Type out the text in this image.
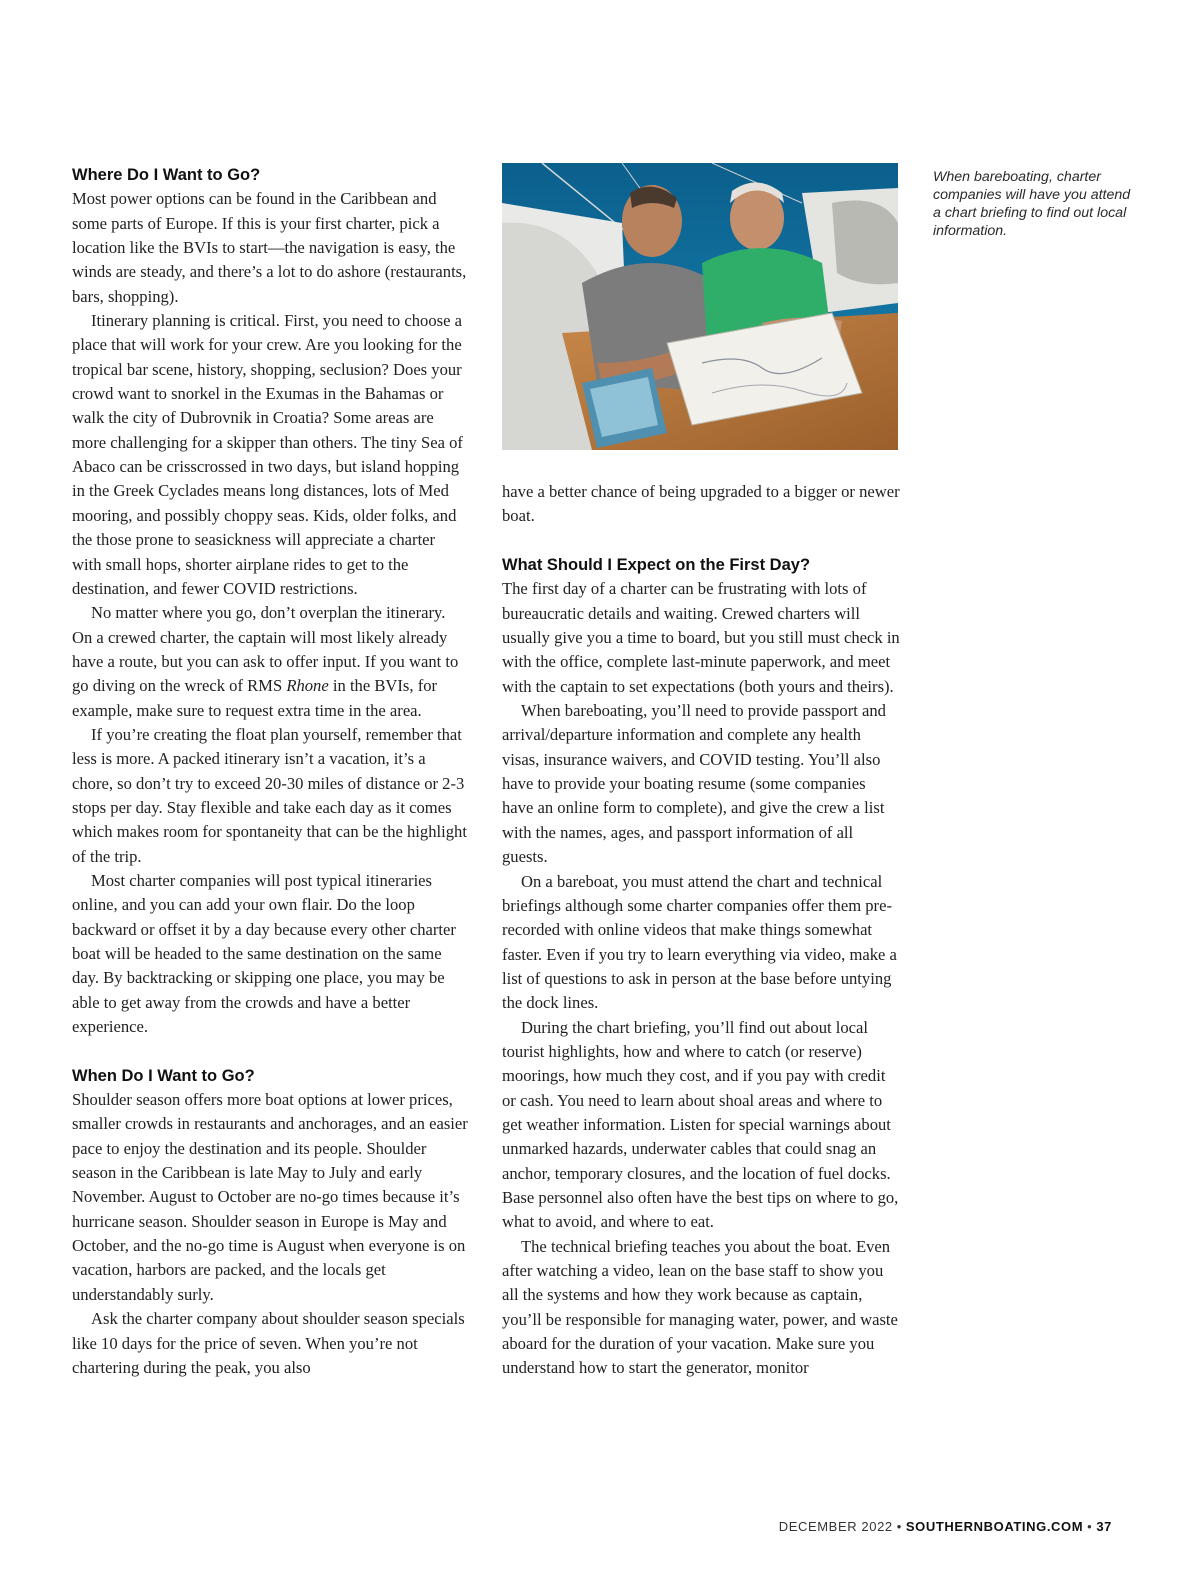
Where Do I Want to Go?

Most power options can be found in the Caribbean and some parts of Europe. If this is your first charter, pick a location like the BVIs to start—the navigation is easy, the winds are steady, and there’s a lot to do ashore (restaurants, bars, shopping).

Itinerary planning is critical. First, you need to choose a place that will work for your crew. Are you looking for the tropical bar scene, history, shopping, seclusion? Does your crowd want to snorkel in the Exumas in the Bahamas or walk the city of Dubrovnik in Croatia? Some areas are more challenging for a skipper than others. The tiny Sea of Abaco can be crisscrossed in two days, but island hopping in the Greek Cyclades means long distances, lots of Med mooring, and possibly choppy seas. Kids, older folks, and the those prone to seasickness will appreciate a charter with small hops, shorter airplane rides to get to the destination, and fewer COVID restrictions.

No matter where you go, don’t overplan the itinerary. On a crewed charter, the captain will most likely already have a route, but you can ask to offer input. If you want to go diving on the wreck of RMS Rhone in the BVIs, for example, make sure to request extra time in the area.

If you’re creating the float plan yourself, remember that less is more. A packed itinerary isn’t a vacation, it’s a chore, so don’t try to exceed 20-30 miles of distance or 2-3 stops per day. Stay flexible and take each day as it comes which makes room for spontaneity that can be the highlight of the trip.

Most charter companies will post typical itineraries online, and you can add your own flair. Do the loop backward or offset it by a day because every other charter boat will be headed to the same destination on the same day. By backtracking or skipping one place, you may be able to get away from the crowds and have a better experience.

When Do I Want to Go?

Shoulder season offers more boat options at lower prices, smaller crowds in restaurants and anchorages, and an easier pace to enjoy the destination and its people. Shoulder season in the Caribbean is late May to July and early November. August to October are no-go times because it’s hurricane season. Shoulder season in Europe is May and October, and the no-go time is August when everyone is on vacation, harbors are packed, and the locals get understandably surly.

Ask the charter company about shoulder season specials like 10 days for the price of seven. When you’re not chartering during the peak, you also

When bareboating, charter companies will have you attend a chart briefing to find out local information.

have a better chance of being upgraded to a bigger or newer boat.

What Should I Expect on the First Day?

The first day of a charter can be frustrating with lots of bureaucratic details and waiting. Crewed charters will usually give you a time to board, but you still must check in with the office, complete last-minute paperwork, and meet with the captain to set expectations (both yours and theirs).

When bareboating, you’ll need to provide passport and arrival/departure information and complete any health visas, insurance waivers, and COVID testing. You’ll also have to provide your boating resume (some companies have an online form to complete), and give the crew a list with the names, ages, and passport information of all guests.

On a bareboat, you must attend the chart and technical briefings although some charter companies offer them pre-recorded with online videos that make things somewhat faster. Even if you try to learn everything via video, make a list of questions to ask in person at the base before untying the dock lines.

During the chart briefing, you’ll find out about local tourist highlights, how and where to catch (or reserve) moorings, how much they cost, and if you pay with credit or cash. You need to learn about shoal areas and where to get weather information. Listen for special warnings about unmarked hazards, underwater cables that could snag an anchor, temporary closures, and the location of fuel docks. Base personnel also often have the best tips on where to go, what to avoid, and where to eat.

The technical briefing teaches you about the boat. Even after watching a video, lean on the base staff to show you all the systems and how they work because as captain, you’ll be responsible for managing water, power, and waste aboard for the duration of your vacation. Make sure you understand how to start the generator, monitor

DECEMBER 2022 • SOUTHERNBOATING.COM • 37
